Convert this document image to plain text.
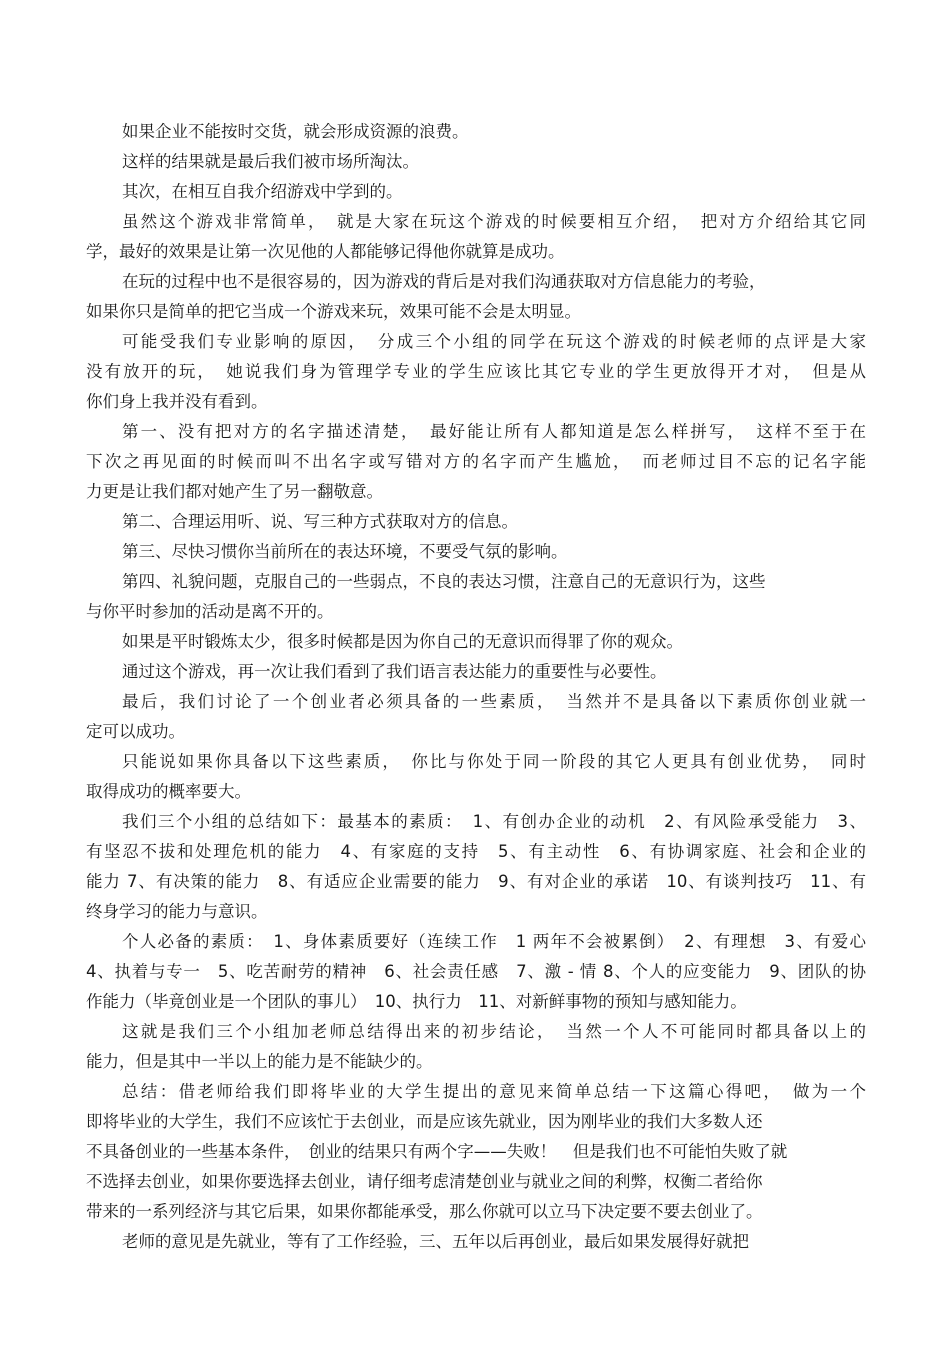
如果企业不能按时交货，就会形成资源的浪费。
这样的结果就是最后我们被市场所淘汰。
其次，在相互自我介绍游戏中学到的。
虽然这个游戏非常简单，　就是大家在玩这个游戏的时候要相互介绍，　把对方介绍给其它同
学，最好的效果是让第一次见他的人都能够记得他你就算是成功。
在玩的过程中也不是很容易的，因为游戏的背后是对我们沟通获取对方信息能力的考验，
如果你只是简单的把它当成一个游戏来玩，效果可能不会是太明显。
可能受我们专业影响的原因，　分成三个小组的同学在玩这个游戏的时候老师的点评是大家
没有放开的玩，　她说我们身为管理学专业的学生应该比其它专业的学生更放得开才对，　但是从
你们身上我并没有看到。
第一、没有把对方的名字描述清楚，　最好能让所有人都知道是怎么样拼写，　这样不至于在
下次之再见面的时候而叫不出名字或写错对方的名字而产生尴尬，　而老师过目不忘的记名字能
力更是让我们都对她产生了另一翻敬意。
第二、合理运用听、说、写三种方式获取对方的信息。
第三、尽快习惯你当前所在的表达环境，不要受气氛的影响。
第四、礼貌问题，克服自己的一些弱点，不良的表达习惯，注意自己的无意识行为，这些
与你平时参加的活动是离不开的。
如果是平时锻炼太少，很多时候都是因为你自己的无意识而得罪了你的观众。
通过这个游戏，再一次让我们看到了我们语言表达能力的重要性与必要性。
最后，我们讨论了一个创业者必须具备的一些素质，　当然并不是具备以下素质你创业就一
定可以成功。
只能说如果你具备以下这些素质，　你比与你处于同一阶段的其它人更具有创业优势，　同时
取得成功的概率要大。
我们三个小组的总结如下：最基本的素质：　1、有创办企业的动机　2、有风险承受能力　3、
有坚忍不拔和处理危机的能力　4、有家庭的支持　5、有主动性　6、有协调家庭、社会和企业的
能力 7、有决策的能力　8、有适应企业需要的能力　9、有对企业的承诺　10、有谈判技巧　11、有
终身学习的能力与意识。
个人必备的素质：　1、身体素质要好（连续工作　1 两年不会被累倒）　2、有理想　3、有爱心
4、执着与专一　5、吃苦耐劳的精神　6、社会责任感　7、激 - 情 8、个人的应变能力　9、团队的协
作能力（毕竟创业是一个团队的事儿）　10、执行力　11、对新鲜事物的预知与感知能力。
这就是我们三个小组加老师总结得出来的初步结论，　当然一个人不可能同时都具备以上的
能力，但是其中一半以上的能力是不能缺少的。
总结：借老师给我们即将毕业的大学生提出的意见来简单总结一下这篇心得吧，　做为一个
即将毕业的大学生，我们不应该忙于去创业，而是应该先就业，因为刚毕业的我们大多数人还
不具备创业的一些基本条件，　创业的结果只有两个字——失败！　但是我们也不可能怕失败了就
不选择去创业，如果你要选择去创业，请仔细考虑清楚创业与就业之间的利弊，权衡二者给你
带来的一系列经济与其它后果，如果你都能承受，那么你就可以立马下决定要不要去创业了。
老师的意见是先就业，等有了工作经验，三、五年以后再创业，最后如果发展得好就把
